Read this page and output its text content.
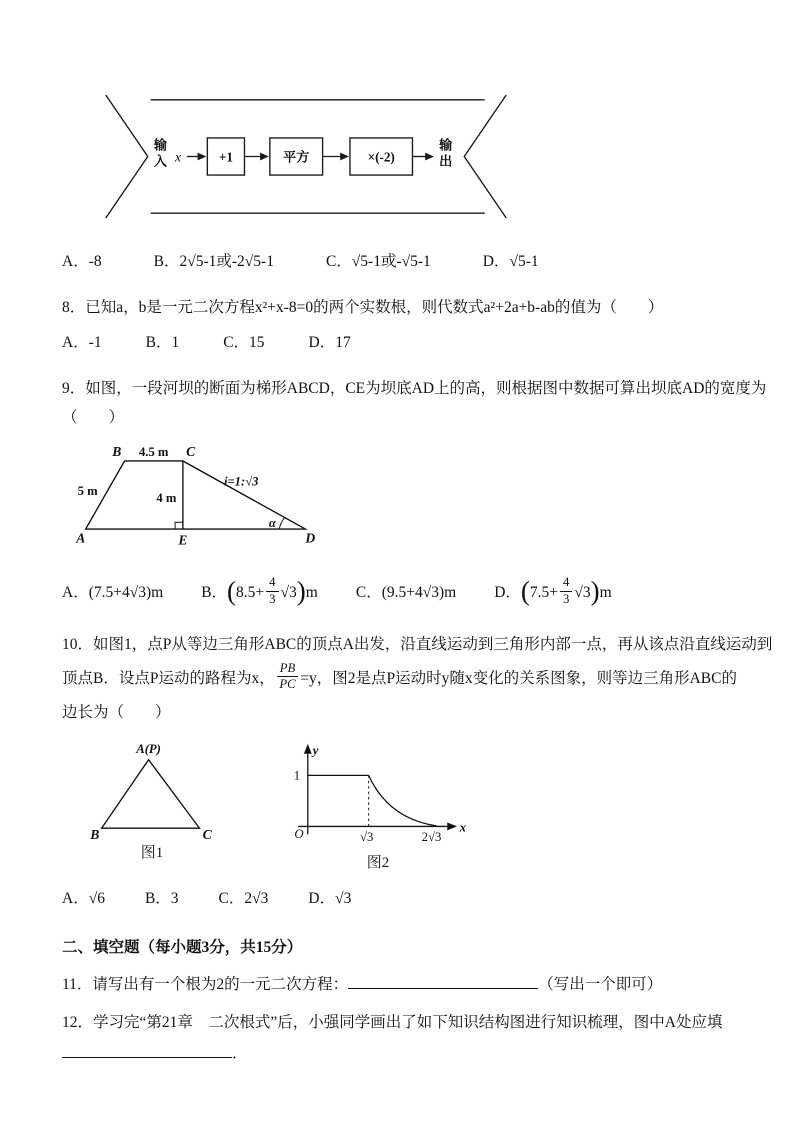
输
入 x	+1	平方	×(-2)
输
出
A．-8	B．2√5-1或-2√5-1	C．√5-1或-√5-1	D．√5-1

8．已知a，b是一元二次方程x²+x-8=0的两个实数根，则代数式a²+2a+b-ab的值为（　　）

A．-1	B．1	C．15	D．17

9．如图，一段河坝的断面为梯形ABCD，CE为坝底AD上的高，则根据图中数据可算出坝底AD的宽度为

（　　）

B 4.5 m C
5 m	4 m
i=1:√3
α
A	E	D
A．(7.5+4√3)m B．$(8.5+ \frac{4}{3} √3)m$ C．(9.5+4√3)m D．$(7.5+ \frac{4}{3} √3)m$

10．如图1，点P从等边三角形ABC的顶点A出发，沿直线运动到三角形内部一点，再从该点沿直线运动到

顶点B．设点P运动的路程为x， $\frac{PB}{PC} =y$，图2是点P运动时y随x变化的关系图象，则等边三角形ABC的

边长为（　　）

A(P)
B	C
图1
y
x
O
1
√3	2√3
图2
A．√6	B．3	C．2√3	D．√3

二、填空题（每小题3分，共15分）

11．请写出有一个根为2的一元二次方程：	（写出一个即可）

12．学习完“第21章　二次根式”后，小强同学画出了如下知识结构图进行知识梳理，图中A处应填

．
